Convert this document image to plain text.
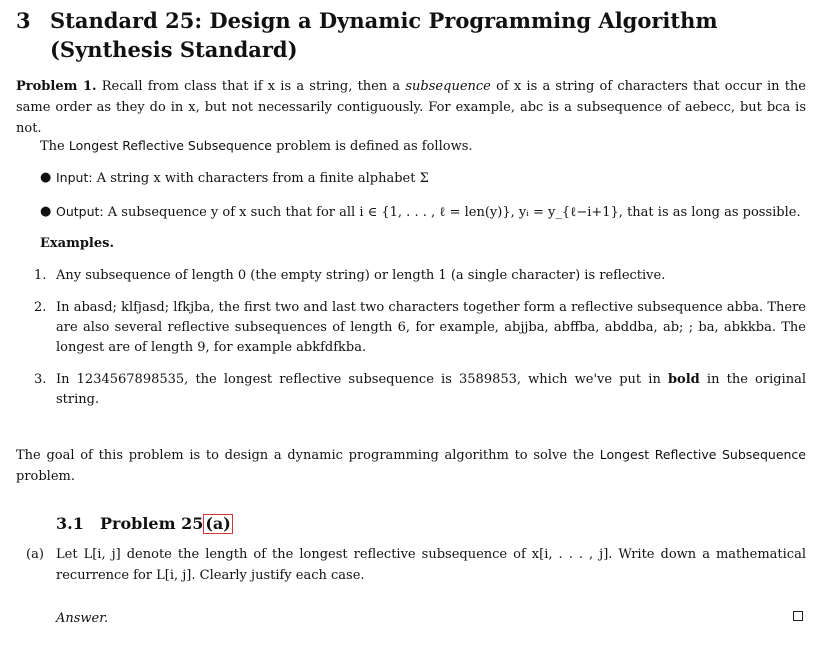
3 Standard 25: Design a Dynamic Programming Algorithm (Synthesis Standard)
Problem 1. Recall from class that if x is a string, then a subsequence of x is a string of characters that occur in the same order as they do in x, but not necessarily contiguously. For example, abc is a subsequence of aebecc, but bca is not.
The Longest Reflective Subsequence problem is defined as follows.
● Input: A string x with characters from a finite alphabet Σ
● Output: A subsequence y of x such that for all i ∈ {1, . . . , ℓ = len(y)}, yᵢ = y_{ℓ−i+1}, that is as long as possible.
Examples.
1. Any subsequence of length 0 (the empty string) or length 1 (a single character) is reflective.
2. In abasd; klfjasd; lfkjba, the first two and last two characters together form a reflective subsequence abba. There are also several reflective subsequences of length 6, for example, abjjba, abffba, abddba, ab; ; ba, abkkba. The longest are of length 9, for example abkfdfkba.
3. In 1234567898535, the longest reflective subsequence is 3589853, which we've put in bold in the original string.
The goal of this problem is to design a dynamic programming algorithm to solve the Longest Reflective Subsequence problem.
3.1	Problem 25 (a)
(a) Let L[i, j] denote the length of the longest reflective subsequence of x[i, . . . , j]. Write down a mathematical recurrence for L[i, j]. Clearly justify each case.
Answer.
